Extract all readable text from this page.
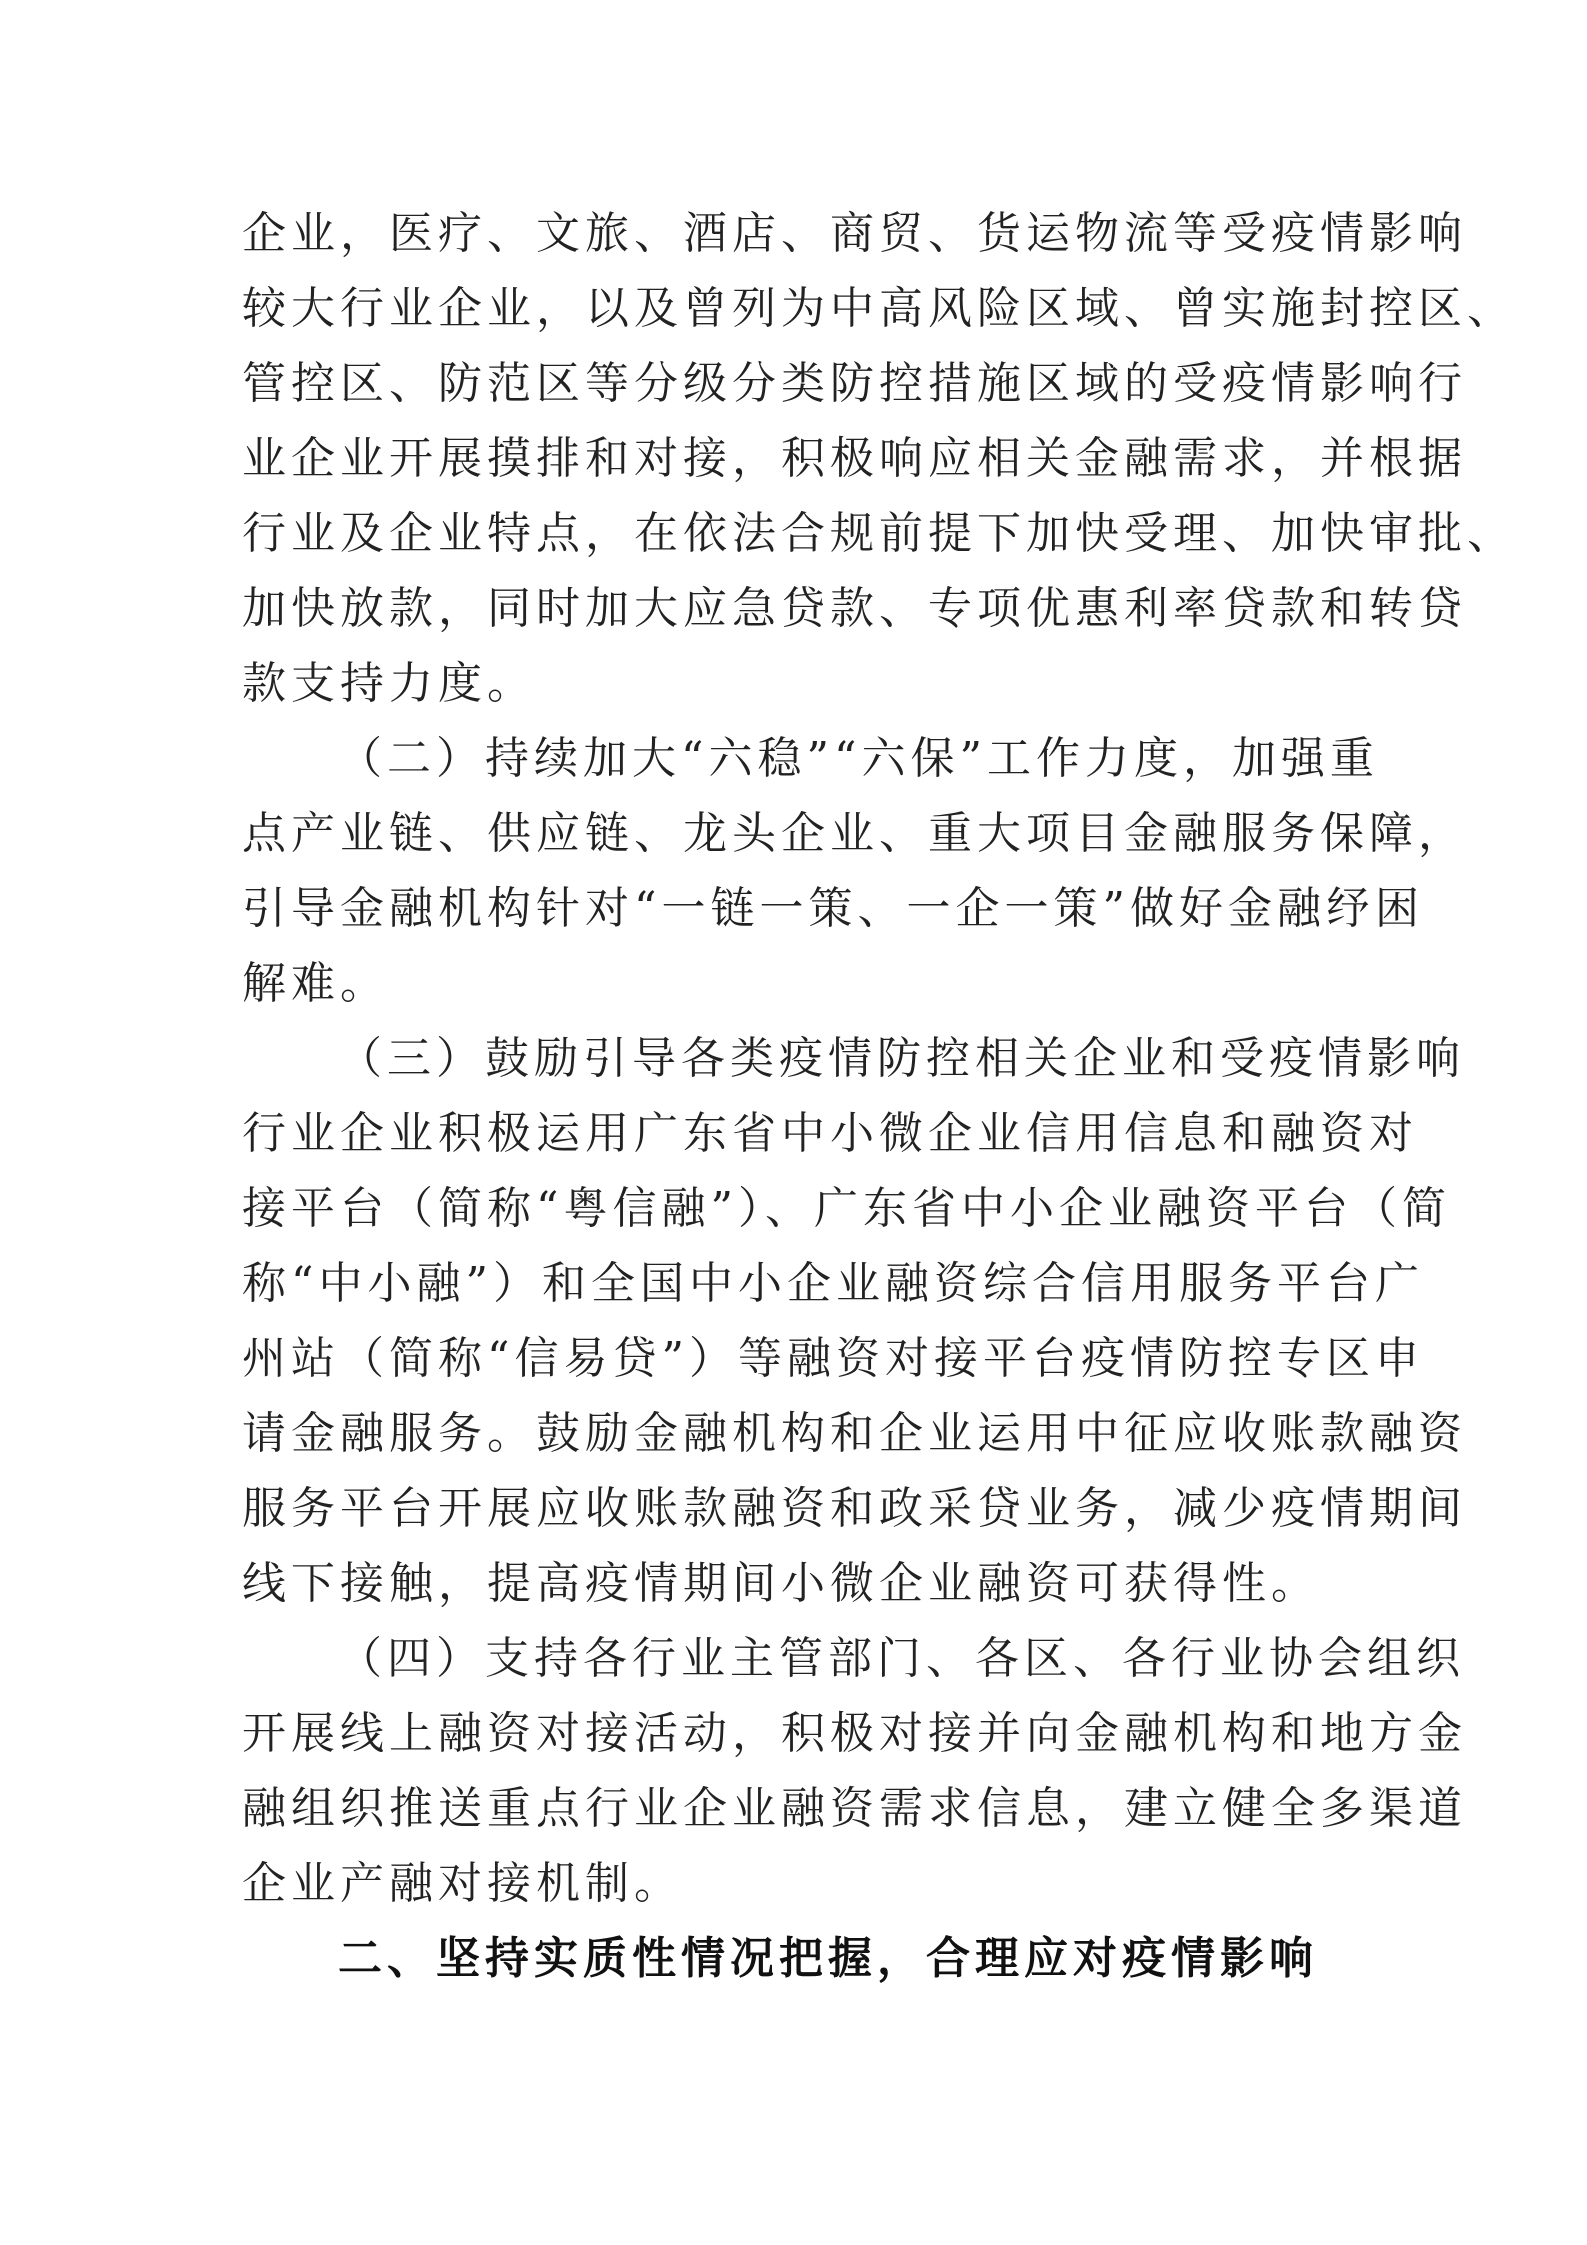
企业，医疗、文旅、酒店、商贸、货运物流等受疫情影响
较大行业企业，以及曾列为中高风险区域、曾实施封控区、
管控区、防范区等分级分类防控措施区域的受疫情影响行
业企业开展摸排和对接，积极响应相关金融需求，并根据
行业及企业特点，在依法合规前提下加快受理、加快审批、
加快放款，同时加大应急贷款、专项优惠利率贷款和转贷
款支持力度。
（二）持续加大“六稳”“六保”工作力度，加强重
点产业链、供应链、龙头企业、重大项目金融服务保障，
引导金融机构针对“一链一策、一企一策”做好金融纾困
解难。
（三）鼓励引导各类疫情防控相关企业和受疫情影响
行业企业积极运用广东省中小微企业信用信息和融资对
接平台（简称“粤信融”）、广东省中小企业融资平台（简
称“中小融”）和全国中小企业融资综合信用服务平台广
州站（简称“信易贷”）等融资对接平台疫情防控专区申
请金融服务。鼓励金融机构和企业运用中征应收账款融资
服务平台开展应收账款融资和政采贷业务，减少疫情期间
线下接触，提高疫情期间小微企业融资可获得性。
（四）支持各行业主管部门、各区、各行业协会组织
开展线上融资对接活动，积极对接并向金融机构和地方金
融组织推送重点行业企业融资需求信息，建立健全多渠道
企业产融对接机制。
二、坚持实质性情况把握，合理应对疫情影响
